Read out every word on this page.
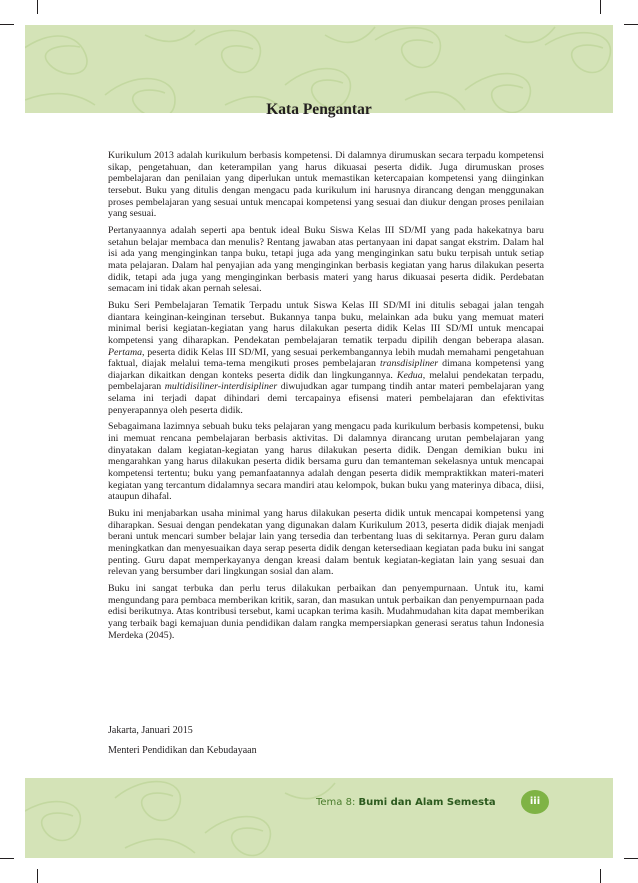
Kata Pengantar

Kurikulum 2013 adalah kurikulum berbasis kompetensi. Di dalamnya dirumuskan secara terpadu kompetensi sikap, pengetahuan, dan keterampilan yang harus dikuasai peserta didik. Juga dirumuskan proses pembelajaran dan penilaian yang diperlukan untuk memastikan ketercapaian kompetensi yang diinginkan tersebut. Buku yang ditulis dengan mengacu pada kurikulum ini harusnya dirancang dengan menggunakan proses pembelajaran yang sesuai untuk mencapai kompetensi yang sesuai dan diukur dengan proses penilaian yang sesuai.

Pertanyaannya adalah seperti apa bentuk ideal Buku Siswa Kelas III SD/MI yang pada hakekatnya baru setahun belajar membaca dan menulis? Rentang jawaban atas pertanyaan ini dapat sangat ekstrim. Dalam hal isi ada yang menginginkan tanpa buku, tetapi juga ada yang menginginkan satu buku terpisah untuk setiap mata pelajaran. Dalam hal penyajian ada yang menginginkan berbasis kegiatan yang harus dilakukan peserta didik, tetapi ada juga yang menginginkan berbasis materi yang harus dikuasai peserta didik. Perdebatan semacam ini tidak akan pernah selesai.

Buku Seri Pembelajaran Tematik Terpadu untuk Siswa Kelas III SD/MI ini ditulis sebagai jalan tengah diantara keinginan-keinginan tersebut. Bukannya tanpa buku, melainkan ada buku yang memuat materi minimal berisi kegiatan-kegiatan yang harus dilakukan peserta didik Kelas III SD/MI untuk mencapai kompetensi yang diharapkan. Pendekatan pembelajaran tematik terpadu dipilih dengan beberapa alasan. Pertama, peserta didik Kelas III SD/MI, yang sesuai perkembangannya lebih mudah memahami pengetahuan faktual, diajak melalui tema-tema mengikuti proses pembelajaran transdisipliner dimana kompetensi yang diajarkan dikaitkan dengan konteks peserta didik dan lingkungannya. Kedua, melalui pendekatan terpadu, pembelajaran multidisiliner-interdisipliner diwujudkan agar tumpang tindih antar materi pembelajaran yang selama ini terjadi dapat dihindari demi tercapainya efisensi materi pembelajaran dan efektivitas penyerapannya oleh peserta didik.

Sebagaimana lazimnya sebuah buku teks pelajaran yang mengacu pada kurikulum berbasis kompetensi, buku ini memuat rencana pembelajaran berbasis aktivitas. Di dalamnya dirancang urutan pembelajaran yang dinyatakan dalam kegiatan-kegiatan yang harus dilakukan peserta didik. Dengan demikian buku ini mengarahkan yang harus dilakukan peserta didik bersama guru dan temanteman sekelasnya untuk mencapai kompetensi tertentu; buku yang pemanfaatannya adalah dengan peserta didik mempraktikkan materi-materi kegiatan yang tercantum didalamnya secara mandiri atau kelompok, bukan buku yang materinya dibaca, diisi, ataupun dihafal.

Buku ini menjabarkan usaha minimal yang harus dilakukan peserta didik untuk mencapai kompetensi yang diharapkan. Sesuai dengan pendekatan yang digunakan dalam Kurikulum 2013, peserta didik diajak menjadi berani untuk mencari sumber belajar lain yang tersedia dan terbentang luas di sekitarnya. Peran guru dalam meningkatkan dan menyesuaikan daya serap peserta didik dengan ketersediaan kegiatan pada buku ini sangat penting. Guru dapat memperkayanya dengan kreasi dalam bentuk kegiatan-kegiatan lain yang sesuai dan relevan yang bersumber dari lingkungan sosial dan alam.

Buku ini sangat terbuka dan perlu terus dilakukan perbaikan dan penyempurnaan. Untuk itu, kami mengundang para pembaca memberikan kritik, saran, dan masukan untuk perbaikan dan penyempurnaan pada edisi berikutnya. Atas kontribusi tersebut, kami ucapkan terima kasih. Mudahmudahan kita dapat memberikan yang terbaik bagi kemajuan dunia pendidikan dalam rangka mempersiapkan generasi seratus tahun Indonesia Merdeka (2045).

Jakarta, Januari 2015
Menteri Pendidikan dan Kebudayaan
Tema 8: Bumi dan Alam Semesta	iii
